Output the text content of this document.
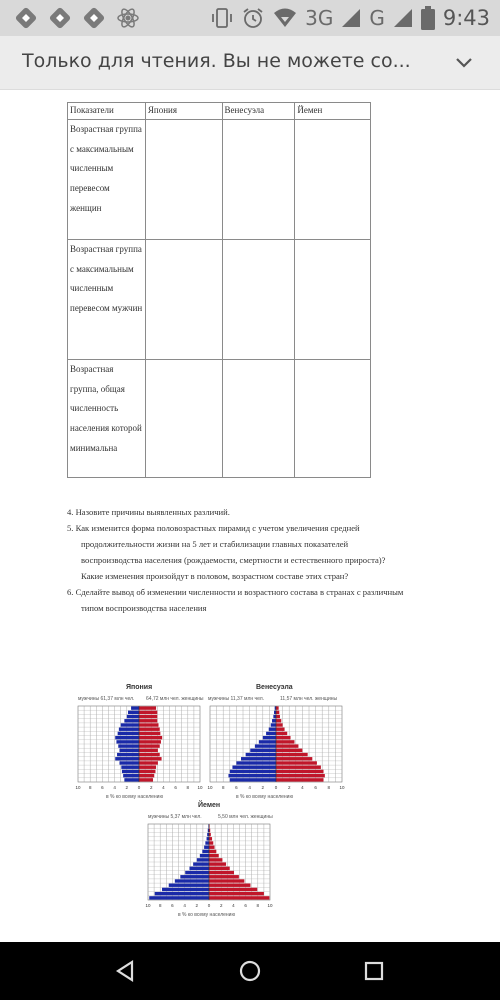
3G G	9:43
Только для чтения. Вы не можете со...
Показатели	Япония	Венесуэла	Йемен

Возрастная группа с максимальным численным перевесом женщин			

Возрастная группа с максимальным численным перевесом мужчин			

Возрастная группа, общая численность населения которой минимальна			

4. Назовите причины выявленных различий.
5. Как изменится форма половозрастных пирамид с учетом увеличения средней
продолжительности жизни на 5 лет и стабилизации главных показателей
воспроизводства населения (рождаемости, смертности и естественного прироста)?
Какие изменения произойдут в половом, возрастном составе этих стран?
6. Сделайте вывод об изменении численности и возрастного состава в странах с различным
типом воспроизводства населения
Япония
мужчины 61,37 млн чел. 64,72 млн чел. женщины
10 8 6 4 2 0 2 4 6 8 10
в % ко всему населению
Венесуэла
мужчины 11,37 млн чел.	11,57 млн чел. женщины
10 8 6 4 2 0 2 4 6 8 10
в % ко всему населению
Йемен
мужчины 5,37 млн чел.	5,50 млн чел. женщины
10 8 6 4 2 0 2 4 6 8 10
в % ко всему населению
